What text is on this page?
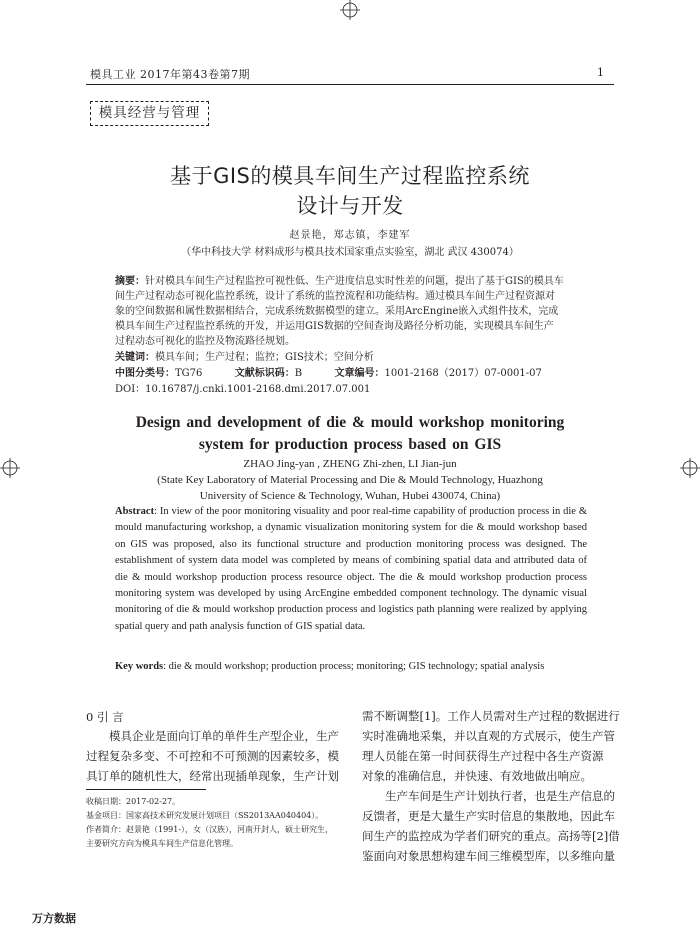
模具工业 2017年第43卷第7期	1
模具经营与管理
基于GIS的模具车间生产过程监控系统
设计与开发
赵景艳，郑志镇，李建军
（华中科技大学 材料成形与模具技术国家重点实验室，湖北 武汉 430074）
摘要：针对模具车间生产过程监控可视性低、生产进度信息实时性差的问题，提出了基于GIS的模具车
间生产过程动态可视化监控系统，设计了系统的监控流程和功能结构。通过模具车间生产过程资源对
象的空间数据和属性数据相结合，完成系统数据模型的建立。采用ArcEngine嵌入式组件技术，完成
模具车间生产过程监控系统的开发，并运用GIS数据的空间查询及路径分析功能，实现模具车间生产
过程动态可视化的监控及物流路径规划。
关键词：模具车间；生产过程；监控；GIS技术；空间分析
中图分类号：TG76	文献标识码：B	文章编号：1001-2168（2017）07-0001-07
DOI：10.16787/j.cnki.1001-2168.dmi.2017.07.001
Design and development of die & mould workshop monitoring
system for production process based on GIS
ZHAO Jing-yan , ZHENG Zhi-zhen, LI Jian-jun
(State Key Laboratory of Material Processing and Die & Mould Technology, Huazhong
University of Science & Technology, Wuhan, Hubei 430074, China)
Abstract: In view of the poor monitoring visuality and poor real-time capability of production process in die & mould manufacturing workshop, a dynamic visualization monitoring system for die & mould workshop based on GIS was proposed, also its functional structure and production monitoring process was designed. The establishment of system data model was completed by means of combining spatial data and attributed data of die & mould workshop production process resource object. The die & mould workshop production process monitoring system was developed by using ArcEngine embedded component technology. The dynamic visual monitoring of die & mould workshop production process and logistics path planning were realized by applying spatial query and path analysis function of GIS spatial data.
Key words: die & mould workshop; production process; monitoring; GIS technology; spatial analysis
0 引 言
模具企业是面向订单的单件生产型企业，生产
过程复杂多变、不可控和不可预测的因素较多，模
具订单的随机性大，经常出现插单现象，生产计划
收稿日期：2017-02-27。
基金项目：国家高技术研究发展计划项目（SS2013AA040404）。
作者简介：赵景艳（1991-），女（汉族），河南开封人，硕士研究生，
主要研究方向为模具车间生产信息化管理。
需不断调整[1]。工作人员需对生产过程的数据进行
实时准确地采集，并以直观的方式展示，使生产管
理人员能在第一时间获得生产过程中各生产资源
对象的准确信息，并快速、有效地做出响应。
生产车间是生产计划执行者，也是生产信息的
反馈者，更是大量生产实时信息的集散地，因此车
间生产的监控成为学者们研究的重点。高扬等[2]借
鉴面向对象思想构建车间三维模型库，以多维向量
万方数据
